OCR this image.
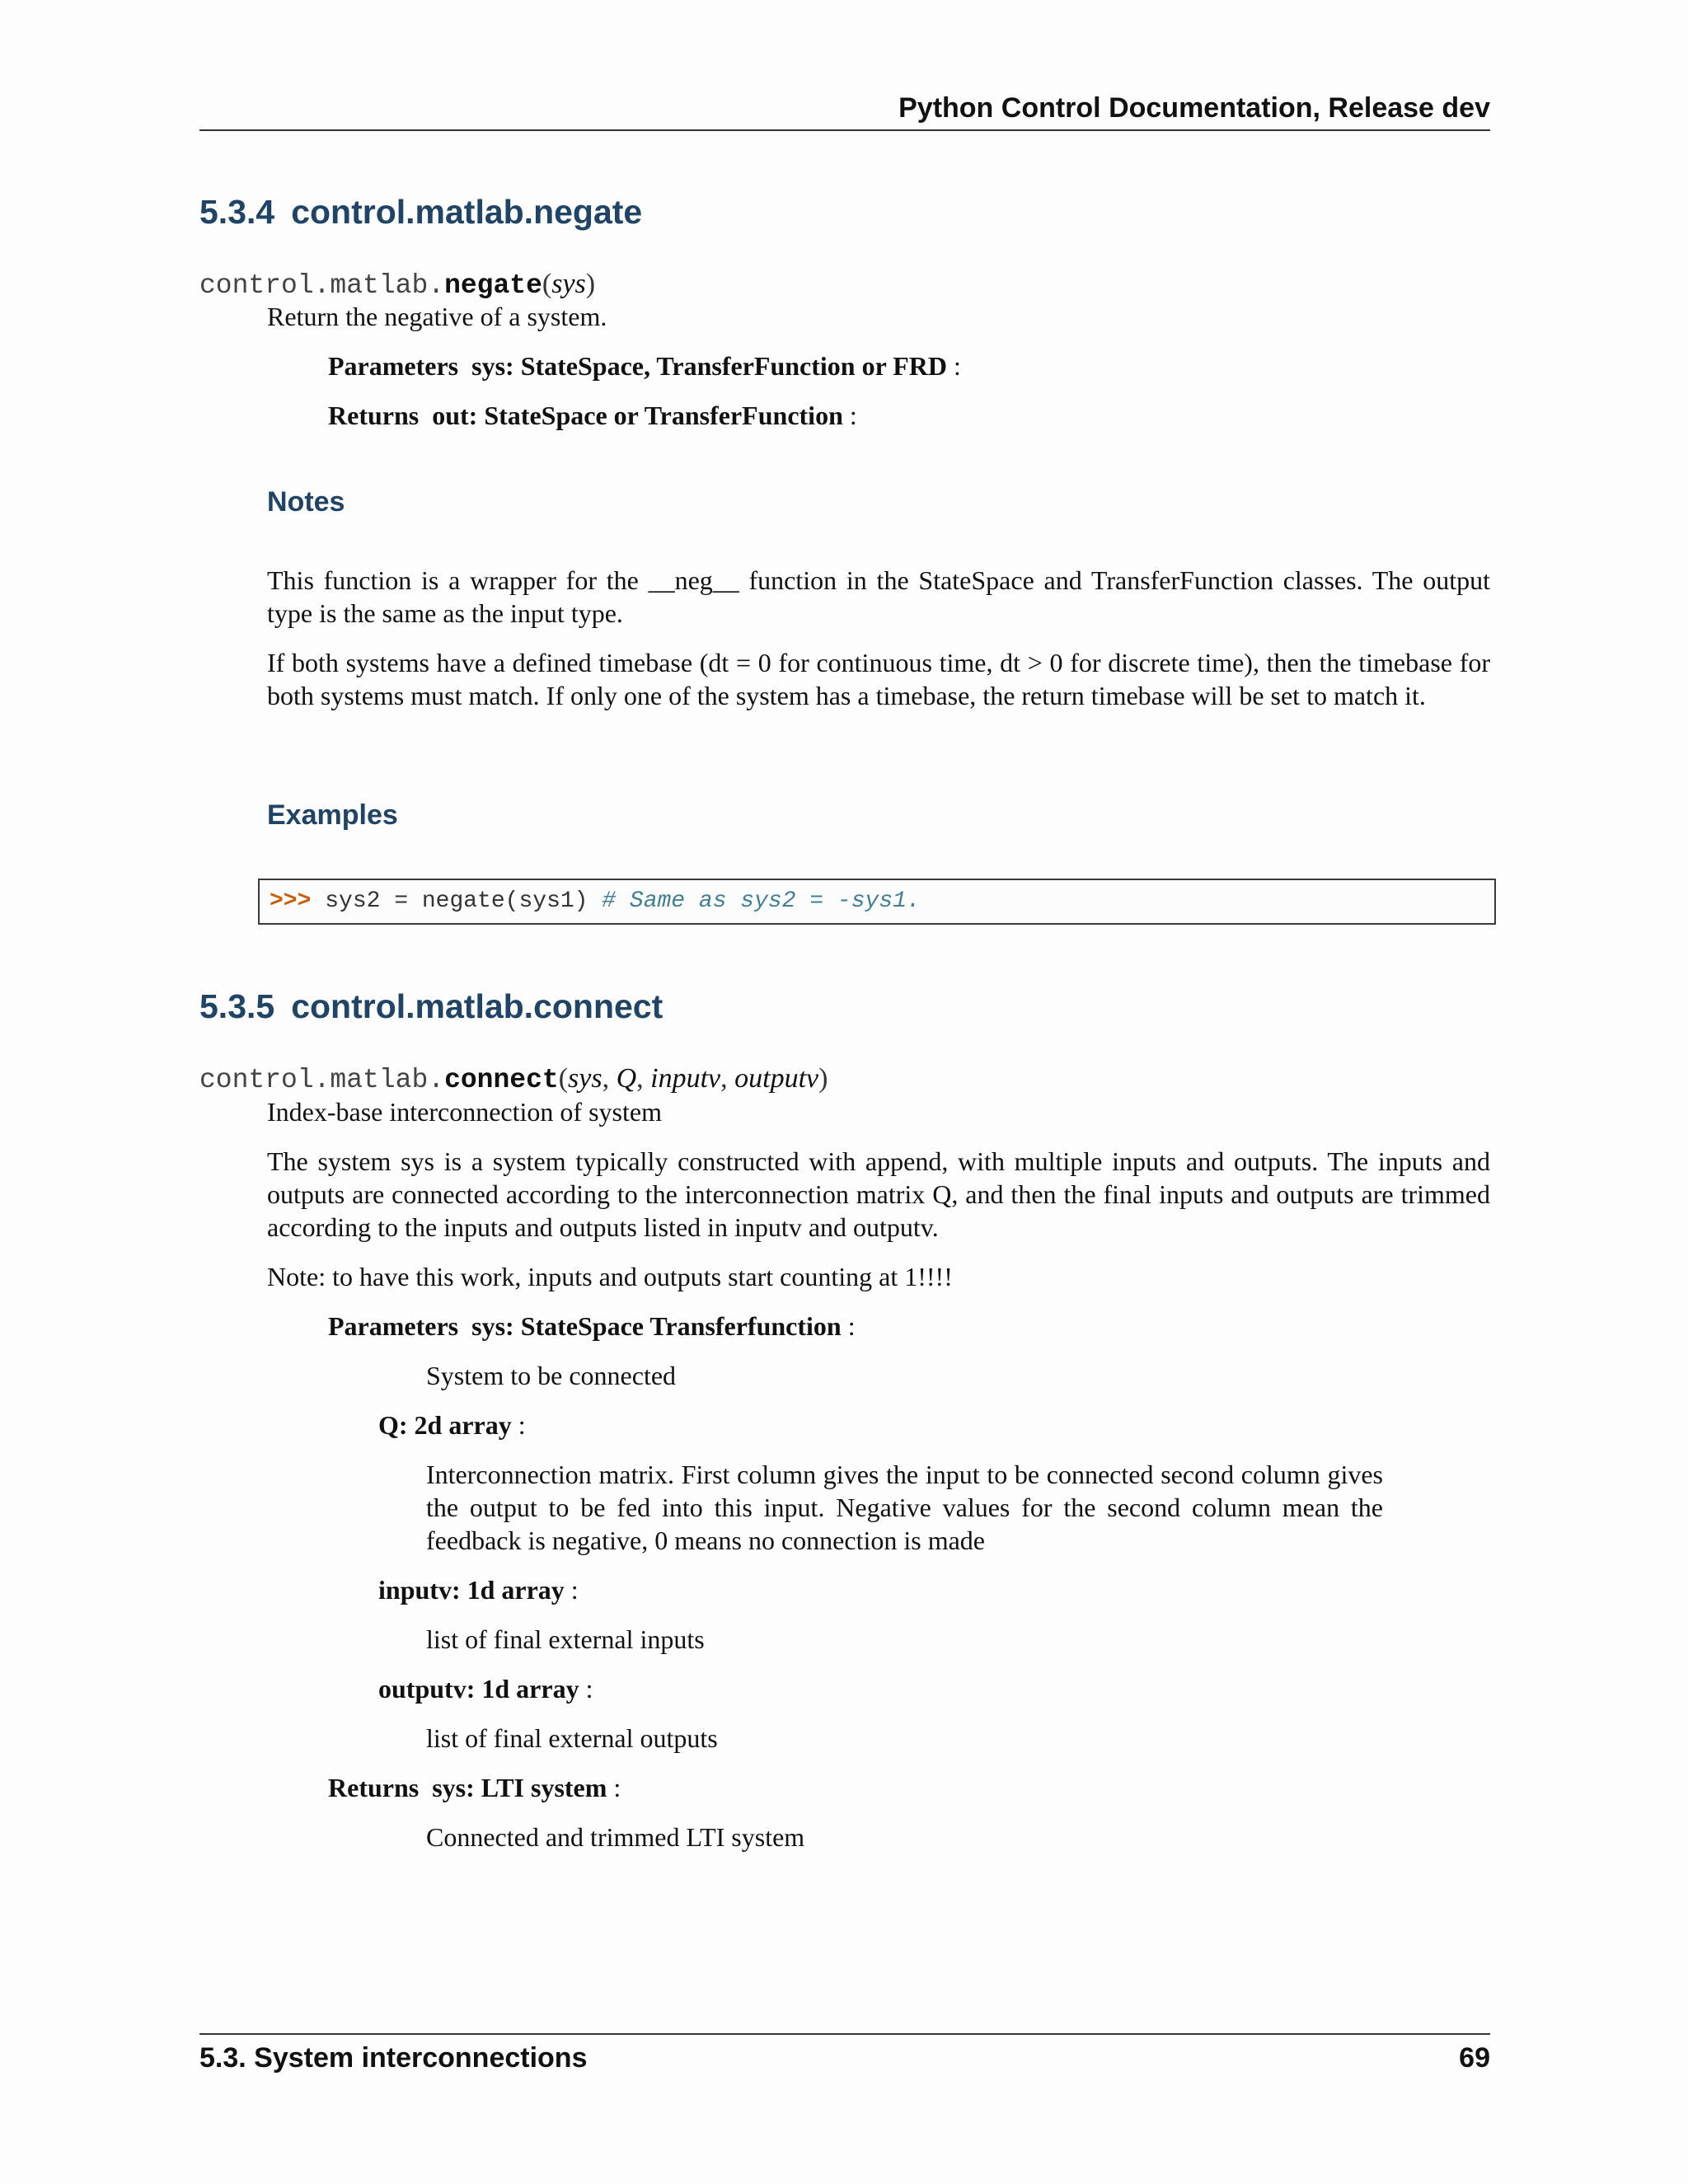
Python Control Documentation, Release dev
5.3.4 control.matlab.negate
control.matlab.negate(sys)
Return the negative of a system.
Parameters sys: StateSpace, TransferFunction or FRD :
Returns out: StateSpace or TransferFunction :
Notes
This function is a wrapper for the __neg__ function in the StateSpace and TransferFunction classes. The output type is the same as the input type.
If both systems have a defined timebase (dt = 0 for continuous time, dt > 0 for discrete time), then the timebase for both systems must match. If only one of the system has a timebase, the return timebase will be set to match it.
Examples
>>> sys2 = negate(sys1) # Same as sys2 = -sys1.
5.3.5 control.matlab.connect
control.matlab.connect(sys, Q, inputv, outputv)
Index-base interconnection of system
The system sys is a system typically constructed with append, with multiple inputs and outputs. The inputs and outputs are connected according to the interconnection matrix Q, and then the final inputs and outputs are trimmed according to the inputs and outputs listed in inputv and outputv.
Note: to have this work, inputs and outputs start counting at 1!!!!
Parameters sys: StateSpace Transferfunction :
System to be connected
Q: 2d array :
Interconnection matrix. First column gives the input to be connected second column gives the output to be fed into this input. Negative values for the second column mean the feedback is negative, 0 means no connection is made
inputv: 1d array :
list of final external inputs
outputv: 1d array :
list of final external outputs
Returns sys: LTI system :
Connected and trimmed LTI system
5.3. System interconnections	69
